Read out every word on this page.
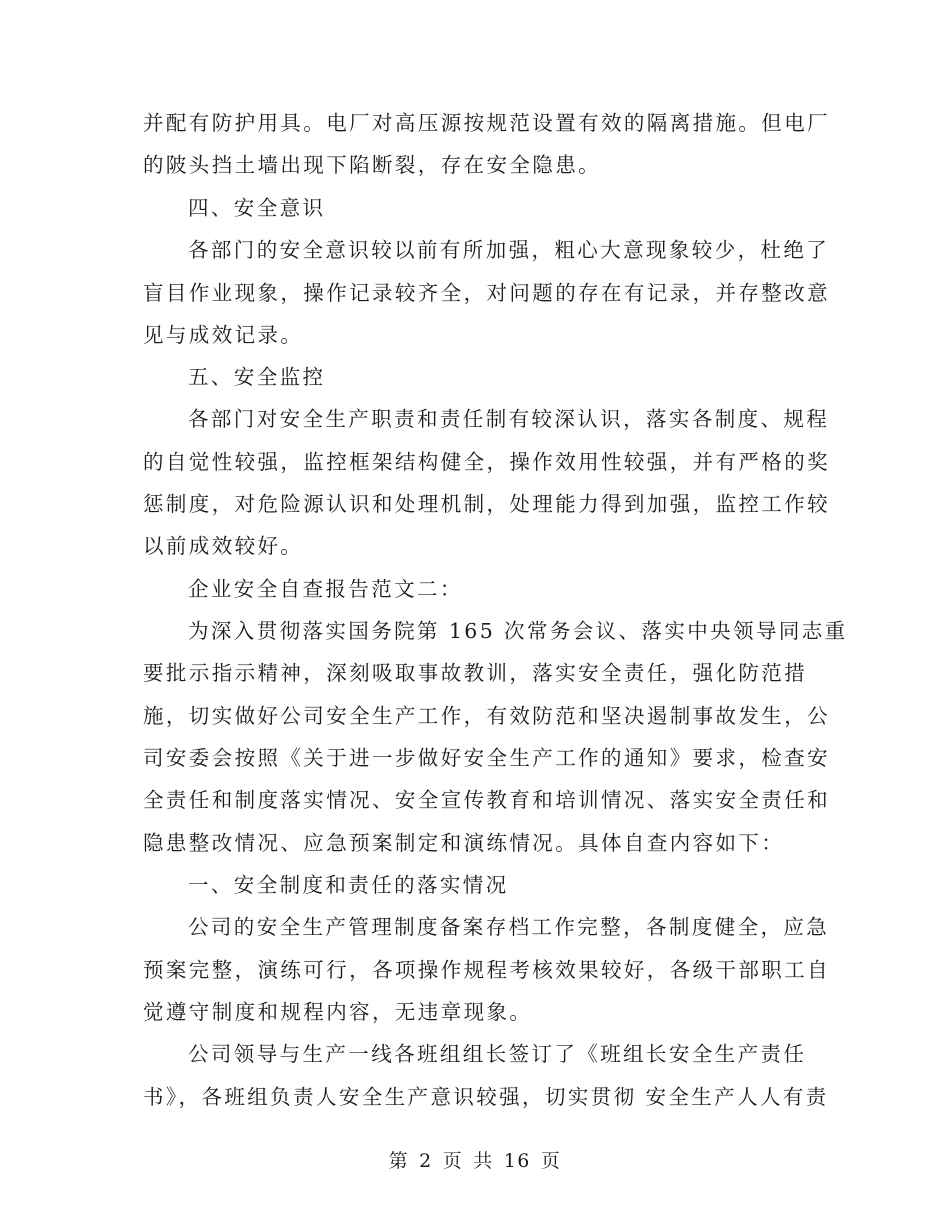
并配有防护用具。电厂对高压源按规范设置有效的隔离措施。但电厂
的陂头挡土墙出现下陷断裂，存在安全隐患。
四、安全意识
各部门的安全意识较以前有所加强，粗心大意现象较少，杜绝了
盲目作业现象，操作记录较齐全，对问题的存在有记录，并存整改意
见与成效记录。
五、安全监控
各部门对安全生产职责和责任制有较深认识，落实各制度、规程
的自觉性较强，监控框架结构健全，操作效用性较强，并有严格的奖
惩制度，对危险源认识和处理机制，处理能力得到加强，监控工作较
以前成效较好。
企业安全自查报告范文二：
为深入贯彻落实国务院第 165 次常务会议、落实中央领导同志重
要批示指示精神，深刻吸取事故教训，落实安全责任，强化防范措
施，切实做好公司安全生产工作，有效防范和坚决遏制事故发生，公
司安委会按照《关于进一步做好安全生产工作的通知》要求，检查安
全责任和制度落实情况、安全宣传教育和培训情况、落实安全责任和
隐患整改情况、应急预案制定和演练情况。具体自查内容如下：
一、安全制度和责任的落实情况
公司的安全生产管理制度备案存档工作完整，各制度健全，应急
预案完整，演练可行，各项操作规程考核效果较好，各级干部职工自
觉遵守制度和规程内容，无违章现象。
公司领导与生产一线各班组组长签订了《班组长安全生产责任
书》，各班组负责人安全生产意识较强，切实贯彻 安全生产人人有责
第 2 页 共 16 页
